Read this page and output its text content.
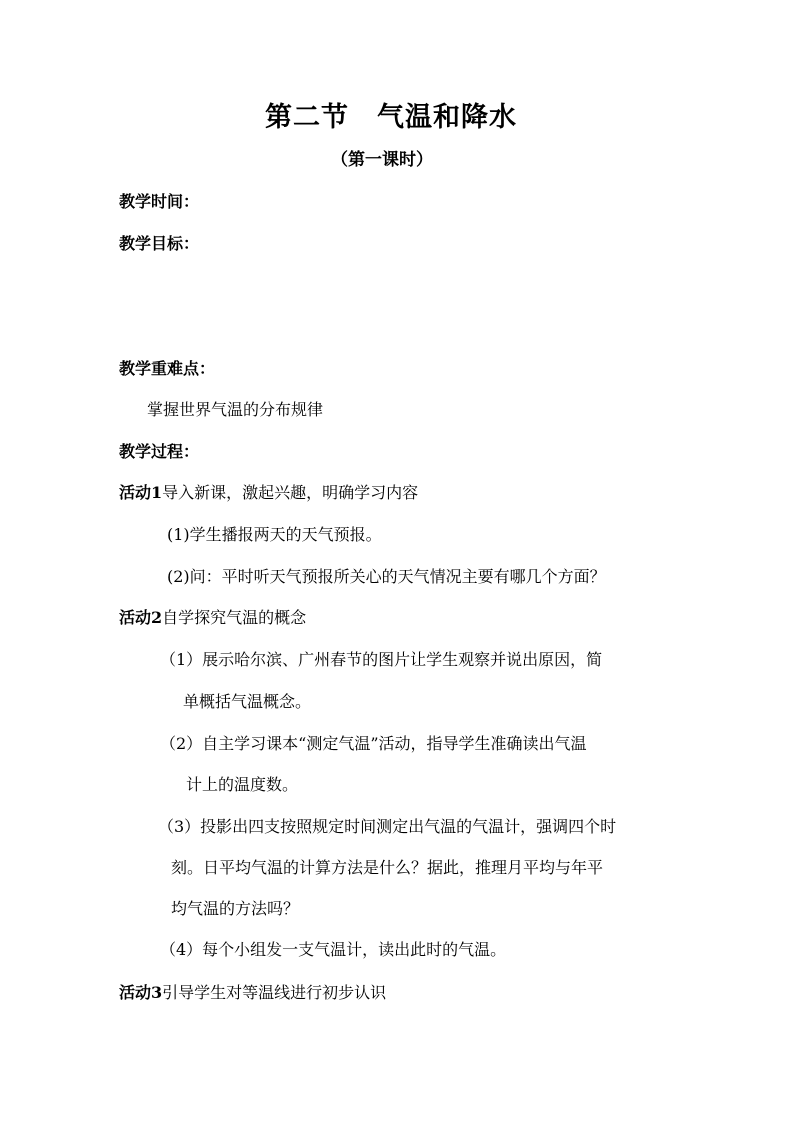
第二节　气温和降水
（第一课时）
教学时间：
教学目标：
教学重难点：
掌握世界气温的分布规律
教学过程：
活动1导入新课，激起兴趣，明确学习内容
(1)学生播报两天的天气预报。
(2)问：平时听天气预报所关心的天气情况主要有哪几个方面？
活动2自学探究气温的概念
（1）展示哈尔滨、广州春节的图片让学生观察并说出原因，简
单概括气温概念。
（2）自主学习课本“测定气温”活动，指导学生准确读出气温
计上的温度数。
（3）投影出四支按照规定时间测定出气温的气温计，强调四个时
刻。日平均气温的计算方法是什么？据此，推理月平均与年平
均气温的方法吗？
（4）每个小组发一支气温计，读出此时的气温。
活动3引导学生对等温线进行初步认识
